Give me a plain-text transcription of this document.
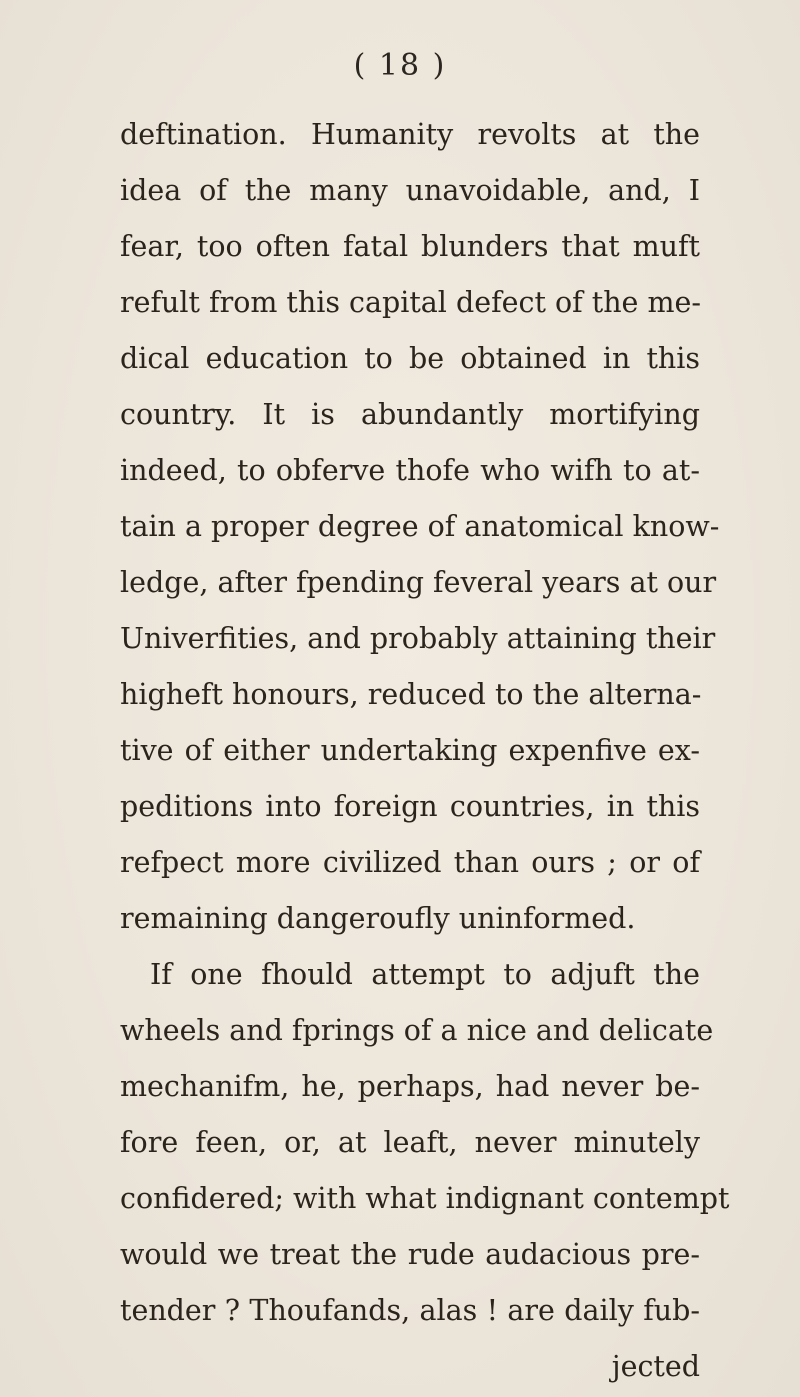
( 18 )
deftination. Humanity revolts at the
idea of the many unavoidable, and, I
fear, too often fatal blunders that muft
refult from this capital defect of the me-
dical education to be obtained in this
country. It is abundantly mortifying
indeed, to obferve thofe who wifh to at-
tain a proper degree of anatomical know-
ledge, after fpending feveral years at our
Univerfities, and probably attaining their
higheft honours, reduced to the alterna-
tive of either undertaking expenfive ex-
peditions into foreign countries, in this
refpect more civilized than ours ; or of
remaining dangeroufly uninformed.
If one fhould attempt to adjuft the
wheels and fprings of a nice and delicate
mechanifm, he, perhaps, had never be-
fore feen, or, at leaft, never minutely
confidered; with what indignant contempt
would we treat the rude audacious pre-
tender ? Thoufands, alas ! are daily fub-
jected
